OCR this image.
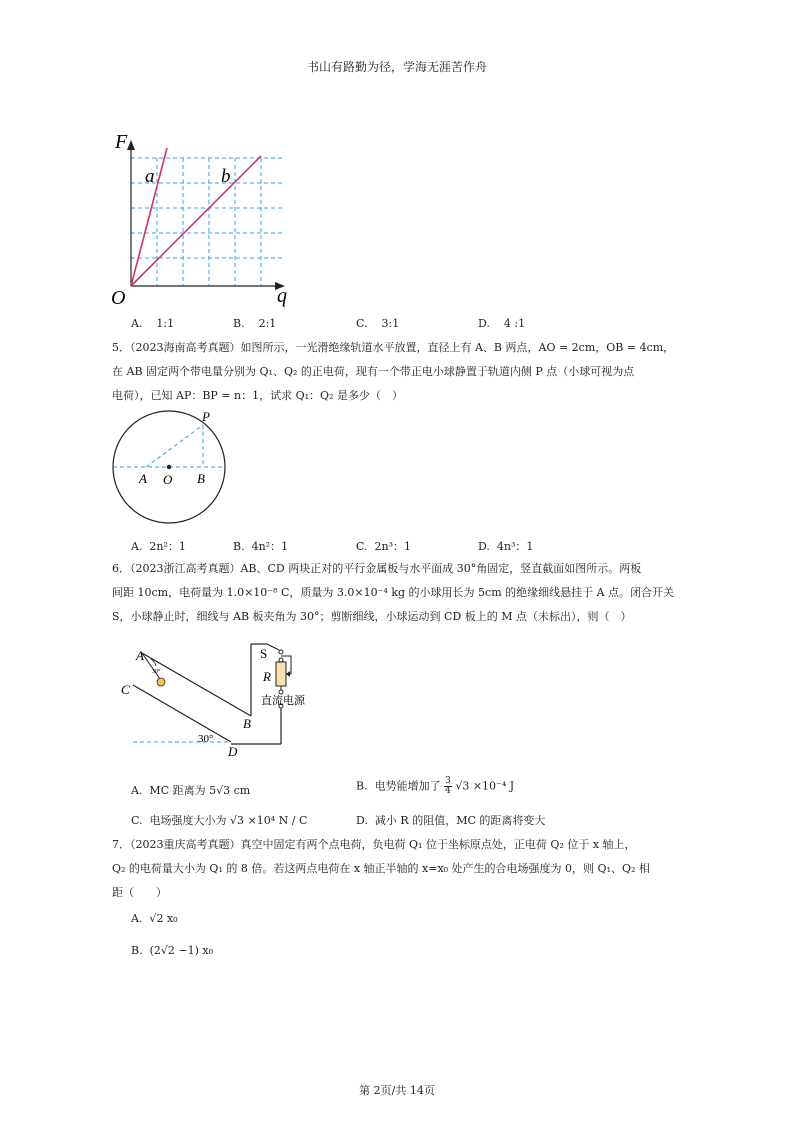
书山有路勤为径，学海无涯苦作舟
F
q
O
a	b
A.    1:1	B.    2:1	C.    3:1	D.    4 :1
5．（2023海南高考真题）如图所示，一光滑绝缘轨道水平放置，直径上有 A、B 两点，AO = 2cm，OB = 4cm，
在 AB 固定两个带电量分别为 Q₁、Q₂ 的正电荷，现有一个带正电小球静置于轨道内侧 P 点（小球可视为点
电荷），已知 AP：BP = n：1，试求 Q₁：Q₂ 是多少（　）
P
A O B
A.  2n²：1	B.  4n²：1	C.  2n³：1	D.  4n³：1
6．（2023浙江高考真题）AB、CD 两块正对的平行金属板与水平面成 30°角固定，竖直截面如图所示。两板
间距 10cm，电荷量为 1.0×10⁻⁸ C，质量为 3.0×10⁻⁴ kg 的小球用长为 5cm 的绝缘细线悬挂于 A 点。闭合开关
S，小球静止时，细线与 AB 板夹角为 30°；剪断细线，小球运动到 CD 板上的 M 点（未标出），则（　）
A
C
B
D
S
R
直流电源
30°
30°
A.  MC 距离为 5√3 cm	B.  电势能增加了 $\frac{3}{4} √3 \times 10^{-4}$ J
C.  电场强度大小为 √3 ×10⁴ N / C	D.  减小 R 的阻值，MC 的距离将变大
7．（2023重庆高考真题）真空中固定有两个点电荷，负电荷 Q₁ 位于坐标原点处，正电荷 Q₂ 位于 x 轴上，
Q₂ 的电荷量大小为 Q₁ 的 8 倍。若这两点电荷在 x 轴正半轴的 x=x₀ 处产生的合电场强度为 0，则 Q₁、Q₂ 相
距（　　）
A.  √2 x₀
B.  (2√2 −1) x₀
第 2页/共 14页
